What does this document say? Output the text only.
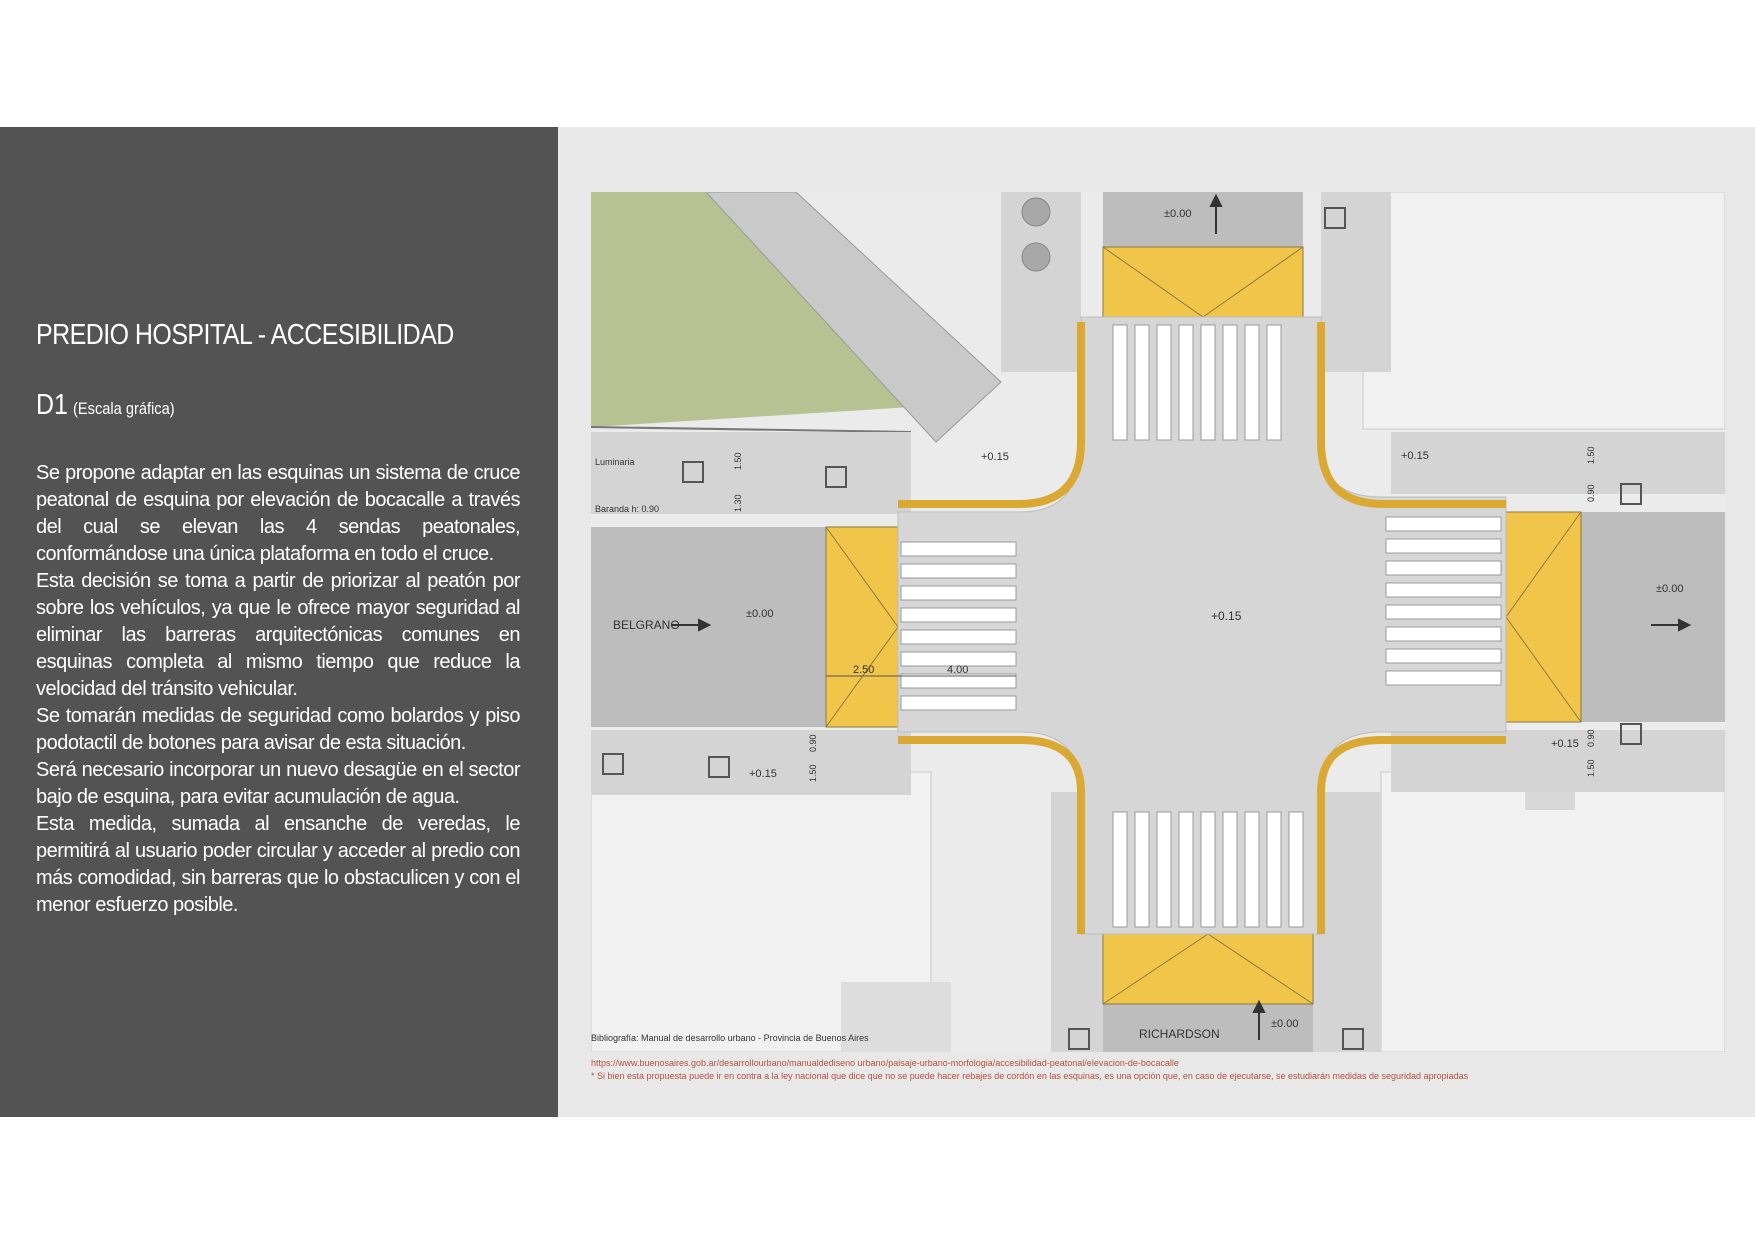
PREDIO HOSPITAL - ACCESIBILIDAD
D1 (Escala gráfica)

Se propone adaptar en las esquinas un sistema de cruce peatonal de esquina por elevación de bocacalle a través del cual se elevan las 4 sendas peatonales, conformándose una única plataforma en todo el cruce.

Esta decisión se toma a partir de priorizar al peatón por sobre los vehículos, ya que le ofrece mayor seguridad al eliminar las barreras arquitectónicas comunes en esquinas completa al mismo tiempo que reduce la velocidad del tránsito vehicular.

Se tomarán medidas de seguridad como bolardos y piso podotactil de botones para avisar de esta situación.

Será necesario incorporar un nuevo desagüe en el sector bajo de esquina, para evitar acumulación de agua.

Esta medida, sumada al ensanche de veredas, le permitirá al usuario poder circular y acceder al predio con más comodidad, sin barreras que lo obstaculicen y con el menor esfuerzo posible.

Luminaria
Baranda h: 0.90
BELGRANO
RICHARDSON
±0.00
±0.00
±0.00
±0.00
+0.15
+0.15	+0.15
+0.15
+0.15
2.50	4.00
1.50
1.30
0.90
1.50
1.50
0.90
0.90
1.50
Bibliografía: Manual de desarrollo urbano - Provincia de Buenos Aires
https://www.buenosaires.gob.ar/desarrollourbano/manualdediseno urbano/paisaje-urbano-morfologia/accesibilidad-peatonal/elevacion-de-bocacalle
* Si bien esta propuesta puede ir en contra a la ley nacional que dice que no se puede hacer rebajes de cordón en las esquinas, es una opción que, en caso de ejecutarse, se estudiarán medidas de seguridad apropiadas
